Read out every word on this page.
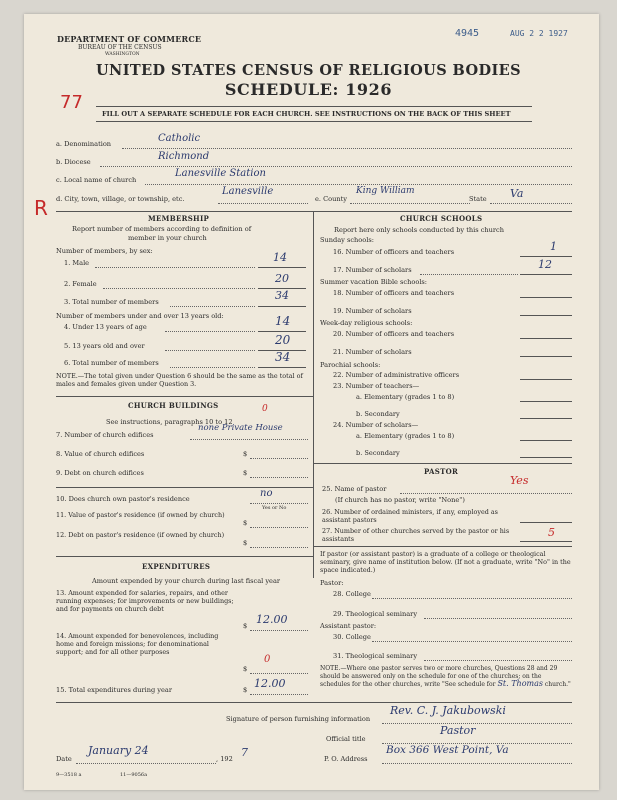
DEPARTMENT OF COMMERCE
BUREAU OF THE CENSUS
WASHINGTON
4945	AUG 2 2 1927
UNITED STATES CENSUS OF RELIGIOUS BODIES
SCHEDULE: 1926
77
R
FILL OUT A SEPARATE SCHEDULE FOR EACH CHURCH. SEE INSTRUCTIONS ON THE BACK OF THIS SHEET
a. Denomination	Catholic
b. Diocese	Richmond
c. Local name of church
Lanesville Station
d. City, town, village, or township, etc.
Lanesville
e. County
King William
State Va
MEMBERSHIP
Report number of members according to definition of
member in your church
Number of members, by sex:
1. Male	14
2. Female	20
3. Total number of members	34
Number of members under and over 13 years old:
4. Under 13 years of age	14
5. 13 years old and over	20
6. Total number of members	34
NOTE.—The total given under Question 6 should be the same as the total of males and females given under Question 3.
CHURCH BUILDINGS
See instructions, paragraphs 10 to 12
0
7. Number of church edifices
none Private House
8. Value of church edifices	$
9. Debt on church edifices	$
10. Does church own pastor's residence	no
Yes or No
11. Value of pastor's residence (if owned by church)
$
12. Debt on pastor's residence (if owned by church)
$
EXPENDITURES
Amount expended by your church during last fiscal year
13. Amount expended for salaries, repairs, and other running expenses; for improvements or new buildings; and for payments on church debt
$ 12.00
14. Amount expended for benevolences, including home and foreign missions; for denominational support; and for all other purposes
$
0
15. Total expenditures during year	$ 12.00
CHURCH SCHOOLS
Report here only schools conducted by this church
Sunday schools:
16. Number of officers and teachers	1
17. Number of scholars	12
Summer vacation Bible schools:
18. Number of officers and teachers
19. Number of scholars
Week-day religious schools:
20. Number of officers and teachers
21. Number of scholars
Parochial schools:
22. Number of administrative officers
23. Number of teachers—
a. Elementary (grades 1 to 8)
b. Secondary
24. Number of scholars—
a. Elementary (grades 1 to 8)
b. Secondary
PASTOR
25. Name of pastor
Yes
(If church has no pastor, write "None")
26. Number of ordained ministers, if any, employed as assistant pastors
27. Number of other churches served by the pastor or his assistants	5
If pastor (or assistant pastor) is a graduate of a college or theological seminary, give name of institution below. (If not a graduate, write "No" in the space indicated.)
Pastor:
28. College
29. Theological seminary
Assistant pastor:
30. College
31. Theological seminary
NOTE.—Where one pastor serves two or more churches, Questions 28 and 29 should be answered only on the schedule for one of the churches; on the schedules for the other churches, write "See schedule for St. Thomas church."
Signature of person furnishing information
Rev. C. J. Jakubowski
Official title
Pastor
Date
January 24
, 192 7	P. O. Address
Box 366 West Point, Va
9—3518 a	11—9056a
